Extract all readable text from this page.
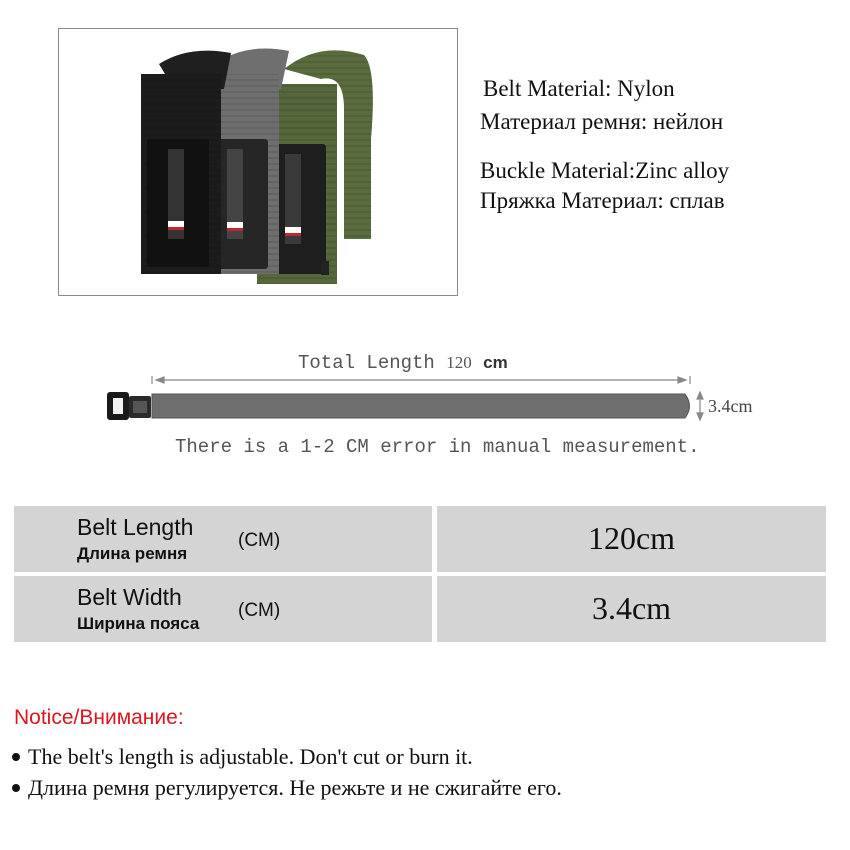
Belt Material: Nylon
Материал ремня: нейлон
Buckle Material:Zinc alloy
Пряжка Материал: сплав
Total Length 120 cm
3.4cm
There is a 1-2 CM error in manual measurement.
Belt Length
Длина ремня
(CM)	120cm
Belt Width
Ширина пояса
(CM)	3.4cm
Notice/Внимание:
The belt's length is adjustable. Don't cut or burn it.
Длина ремня регулируется. Не режьте и не сжигайте его.
